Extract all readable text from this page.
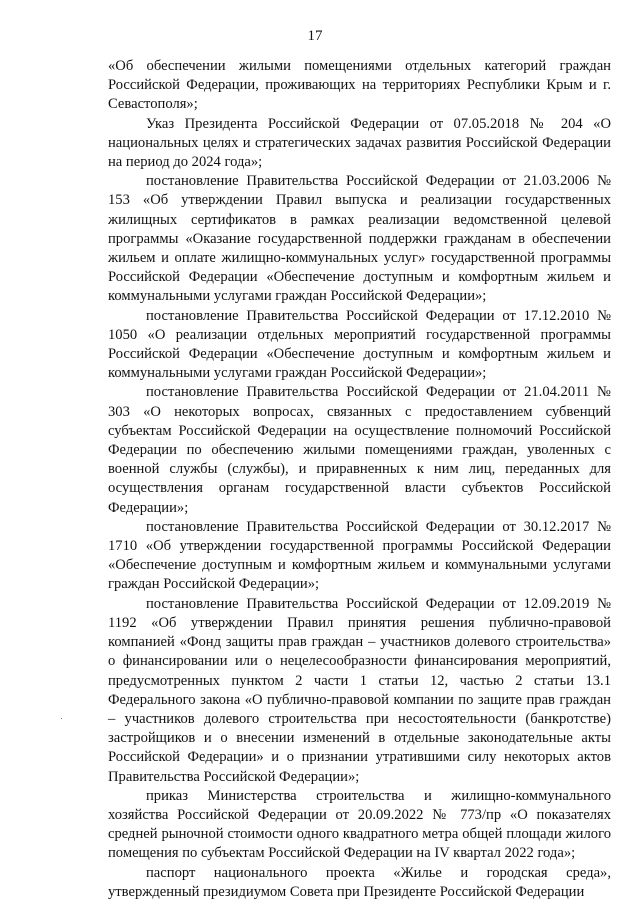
17

«Об обеспечении жилыми помещениями отдельных категорий граждан Российской Федерации, проживающих на территориях Республики Крым и г. Севастополя»;

Указ Президента Российской Федерации от 07.05.2018 № 204 «О национальных целях и стратегических задачах развития Российской Федерации на период до 2024 года»;

постановление Правительства Российской Федерации от 21.03.2006 № 153 «Об утверждении Правил выпуска и реализации государственных жилищных сертификатов в рамках реализации ведомственной целевой программы «Оказание государственной поддержки гражданам в обеспечении жильем и оплате жилищно-коммунальных услуг» государственной программы Российской Федерации «Обеспечение доступным и комфортным жильем и коммунальными услугами граждан Российской Федерации»;

постановление Правительства Российской Федерации от 17.12.2010 № 1050 «О реализации отдельных мероприятий государственной программы Российской Федерации «Обеспечение доступным и комфортным жильем и коммунальными услугами граждан Российской Федерации»;

постановление Правительства Российской Федерации от 21.04.2011 № 303 «О некоторых вопросах, связанных с предоставлением субвенций субъектам Российской Федерации на осуществление полномочий Российской Федерации по обеспечению жилыми помещениями граждан, уволенных с военной службы (службы), и приравненных к ним лиц, переданных для осуществления органам государственной власти субъектов Российской Федерации»;

постановление Правительства Российской Федерации от 30.12.2017 № 1710 «Об утверждении государственной программы Российской Федерации «Обеспечение доступным и комфортным жильем и коммунальными услугами граждан Российской Федерации»;

постановление Правительства Российской Федерации от 12.09.2019 № 1192 «Об утверждении Правил принятия решения публично-правовой компанией «Фонд защиты прав граждан – участников долевого строительства» о финансировании или о нецелесообразности финансирования мероприятий, предусмотренных пунктом 2 части 1 статьи 12, частью 2 статьи 13.1 Федерального закона «О публично-правовой компании по защите прав граждан – участников долевого строительства при несостоятельности (банкротстве) застройщиков и о внесении изменений в отдельные законодательные акты Российской Федерации» и о признании утратившими силу некоторых актов Правительства Российской Федерации»;

приказ Министерства строительства и жилищно-коммунального хозяйства Российской Федерации от 20.09.2022 № 773/пр «О показателях средней рыночной стоимости одного квадратного метра общей площади жилого помещения по субъектам Российской Федерации на IV квартал 2022 года»;

паспорт национального проекта «Жилье и городская среда», утвержденный президиумом Совета при Президенте Российской Федерации
